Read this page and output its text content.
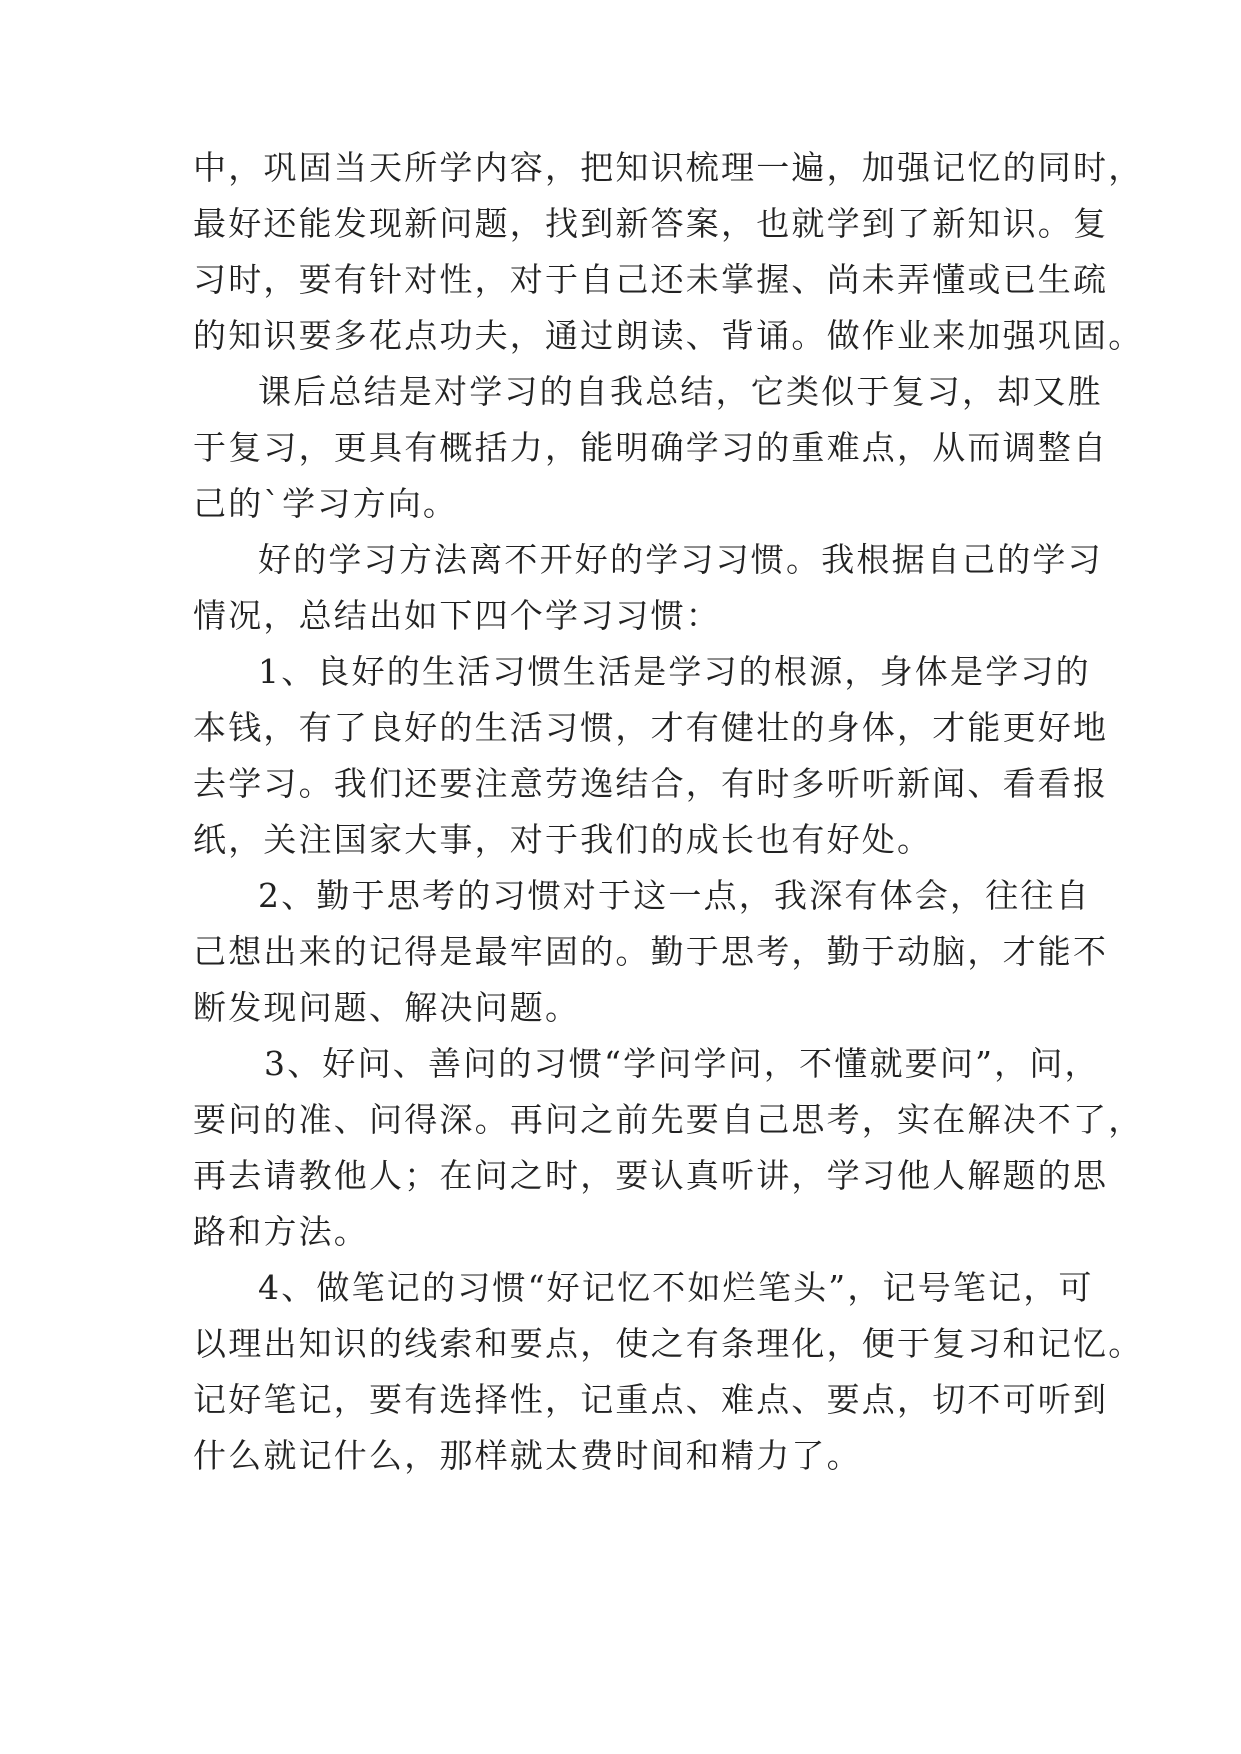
中，巩固当天所学内容，把知识梳理一遍，加强记忆的同时，
最好还能发现新问题，找到新答案，也就学到了新知识。复
习时，要有针对性，对于自己还未掌握、尚未弄懂或已生疏
的知识要多花点功夫，通过朗读、背诵。做作业来加强巩固。
课后总结是对学习的自我总结，它类似于复习，却又胜
于复习，更具有概括力，能明确学习的重难点，从而调整自
己的`学习方向。
好的学习方法离不开好的学习习惯。我根据自己的学习
情况，总结出如下四个学习习惯：
1、良好的生活习惯生活是学习的根源，身体是学习的
本钱，有了良好的生活习惯，才有健壮的身体，才能更好地
去学习。我们还要注意劳逸结合，有时多听听新闻、看看报
纸，关注国家大事，对于我们的成长也有好处。
2、勤于思考的习惯对于这一点，我深有体会，往往自
己想出来的记得是最牢固的。勤于思考，勤于动脑，才能不
断发现问题、解决问题。
3、好问、善问的习惯“学问学问，不懂就要问”，问，
要问的准、问得深。再问之前先要自己思考，实在解决不了，
再去请教他人；在问之时，要认真听讲，学习他人解题的思
路和方法。
4、做笔记的习惯“好记忆不如烂笔头”，记号笔记，可
以理出知识的线索和要点，使之有条理化，便于复习和记忆。
记好笔记，要有选择性，记重点、难点、要点，切不可听到
什么就记什么，那样就太费时间和精力了。
